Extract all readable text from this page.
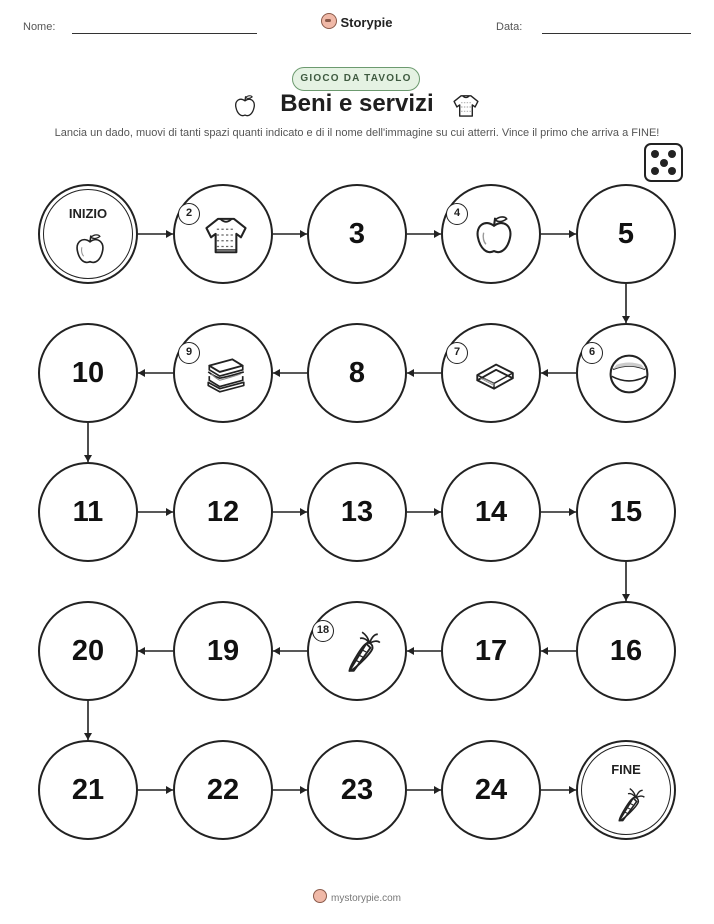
Nome:	Storypie	Data:
GIOCO DA TAVOLO
Beni e servizi
Lancia un dado, muovi di tanti spazi quanti indicato e di il nome dell'immagine su cui atterri. Vince il primo che arriva a FINE!
INIZIO	2
3
4
5
6
7
8
9
10
11	12	13	14	15
16
17
18
19
20
21	22	23	24
FINE
mystorypie.com
